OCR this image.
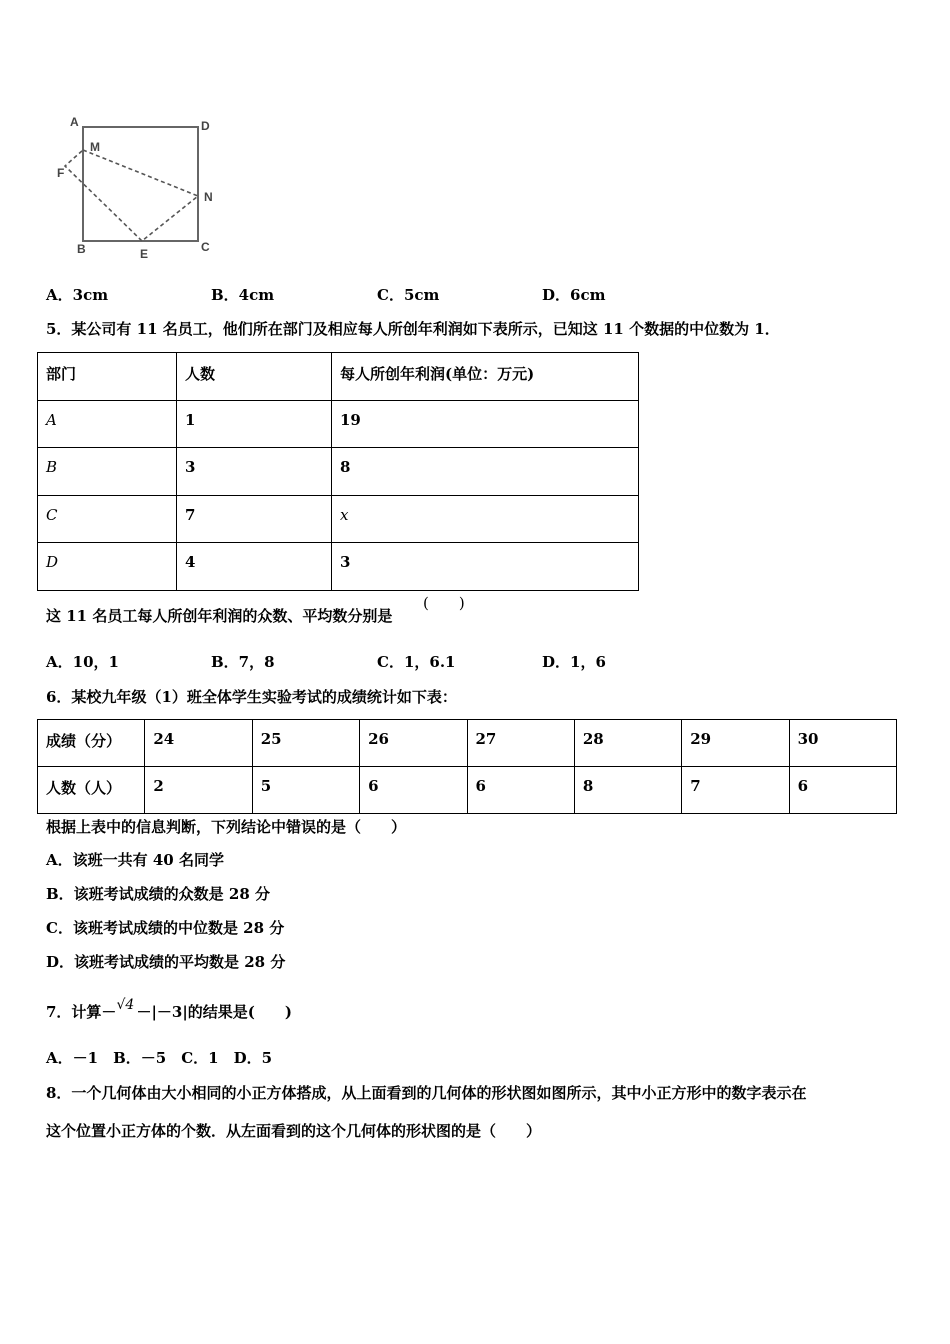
A	D
M
F
N
B	E	C
A．3cm	B．4cm	C．5cm	D．6cm
5．某公司有 11 名员工，他们所在部门及相应每人所创年利润如下表所示，已知这 11 个数据的中位数为 1．
部门	人数	每人所创年利润(单位：万元)
A	1	19
B	3	8
C	7	x
D	4	3
这 11 名员工每人所创年利润的众数、平均数分别是
(　　)
A．10，1	B．7，8	C．1，6.1	D．1，6
6．某校九年级（1）班全体学生实验考试的成绩统计如下表：
成绩（分）	24	25	26	27	28	29	30
人数（人）	2	5	6	6	8	7	6
根据上表中的信息判断，下列结论中错误的是（　　）
A．该班一共有 40 名同学
B．该班考试成绩的众数是 28 分
C．该班考试成绩的中位数是 28 分
D．该班考试成绩的平均数是 28 分
7．计算－ √4 －|－3|的结果是(　　)
A．－1　B．－5　C．1　D．5
8．一个几何体由大小相同的小正方体搭成，从上面看到的几何体的形状图如图所示，其中小正方形中的数字表示在
这个位置小正方体的个数．从左面看到的这个几何体的形状图的是（　　）
